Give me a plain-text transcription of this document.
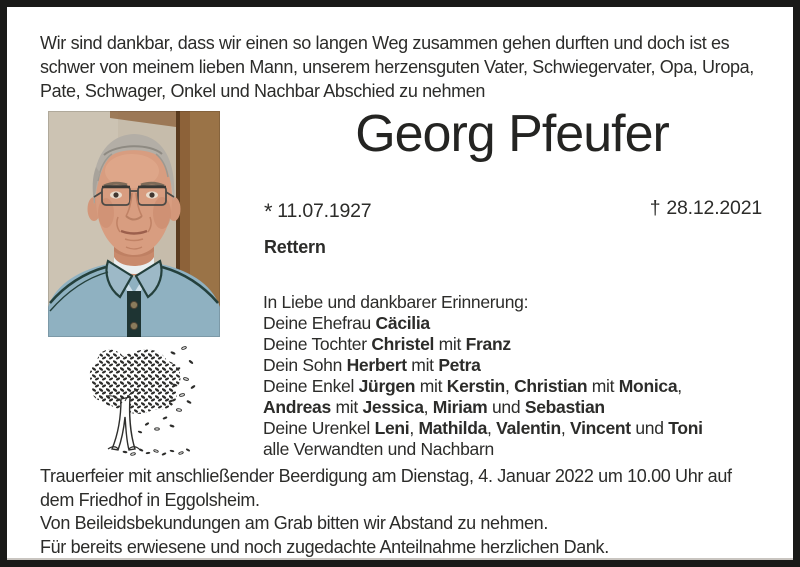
Wir sind dankbar, dass wir einen so langen Weg zusammen gehen durften und doch ist es
schwer von meinem lieben Mann, unserem herzensguten Vater, Schwiegervater, Opa, Uropa,
Pate, Schwager, Onkel und Nachbar Abschied zu nehmen
Georg Pfeufer
* 11.07.1927	† 28.12.2021
Rettern
In Liebe und dankbarer Erinnerung:
Deine Ehefrau Cäcilia
Deine Tochter Christel mit Franz
Dein Sohn Herbert mit Petra
Deine Enkel Jürgen mit Kerstin, Christian mit Monica,
Andreas mit Jessica, Miriam und Sebastian
Deine Urenkel Leni, Mathilda, Valentin, Vincent und Toni
alle Verwandten und Nachbarn
Trauerfeier mit anschließender Beerdigung am Dienstag, 4. Januar 2022 um 10.00 Uhr auf
dem Friedhof in Eggolsheim.
Von Beileidsbekundungen am Grab bitten wir Abstand zu nehmen.
Für bereits erwiesene und noch zugedachte Anteilnahme herzlichen Dank.
